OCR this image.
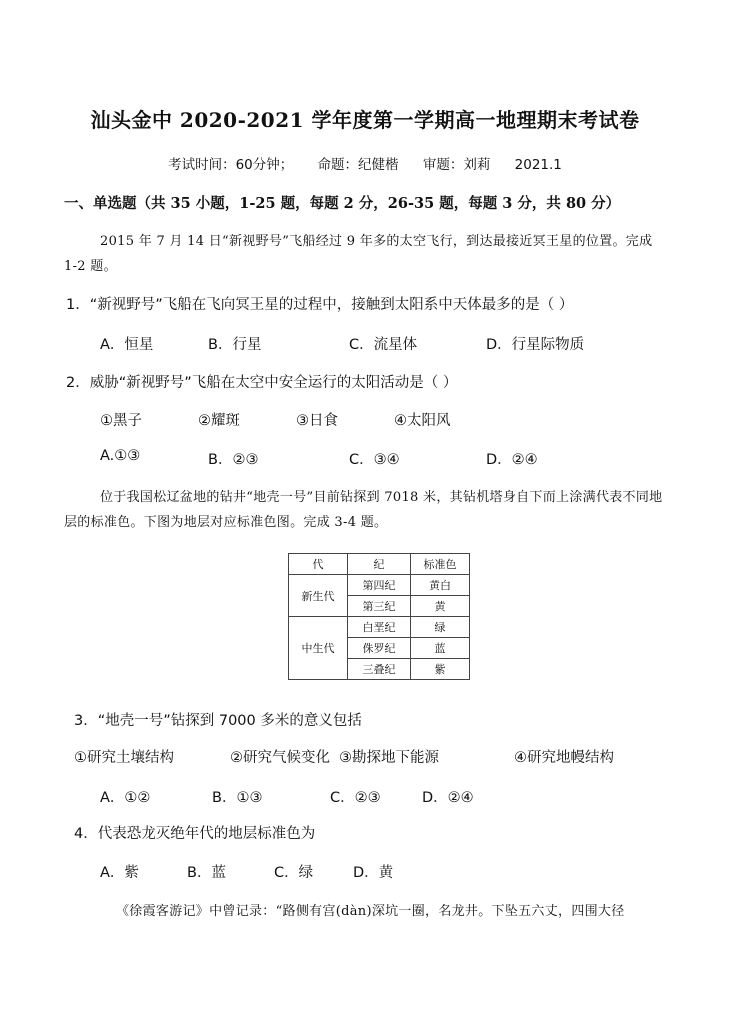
汕头金中 2020-2021 学年度第一学期高一地理期末考试卷
考试时间：60分钟； 命题：纪健楷 审题：刘莉 2021.1
一、单选题（共 35 小题，1-25 题，每题 2 分，26-35 题，每题 3 分，共 80 分）
2015 年 7 月 14 日“新视野号”飞船经过 9 年多的太空飞行，到达最接近冥王星的位置。完成 1-2 题。
1．“新视野号”飞船在飞向冥王星的过程中，接触到太阳系中天体最多的是（ ）
A．恒星	B．行星	C．流星体	D．行星际物质
2．威胁“新视野号”飞船在太空中安全运行的太阳活动是（ ）
①黑子	②耀斑	③日食	④太阳风
A.①③	B．②③	C．③④	D．②④
位于我国松辽盆地的钻井“地壳一号”目前钻探到 7018 米，其钻机塔身自下而上涂满代表不同地层的标准色。下图为地层对应标准色图。完成 3-4 题。
代	纪	标准色
新生代	第四纪	黄白
	第三纪	黄
中生代	白垩纪	绿
	侏罗纪	蓝
	三叠纪	紫
3．“地壳一号”钻探到 7000 多米的意义包括
①研究土壤结构	②研究气候变化 ③勘探地下能源	④研究地幔结构
A．①②	B．①③	C．②③	D．②④
4．代表恐龙灭绝年代的地层标准色为
A．紫	B．蓝	C．绿	D．黄
《徐霞客游记》中曾记录：“路侧有宫(dàn)深坑一圈，名龙井。下坠五六丈，四围大径
